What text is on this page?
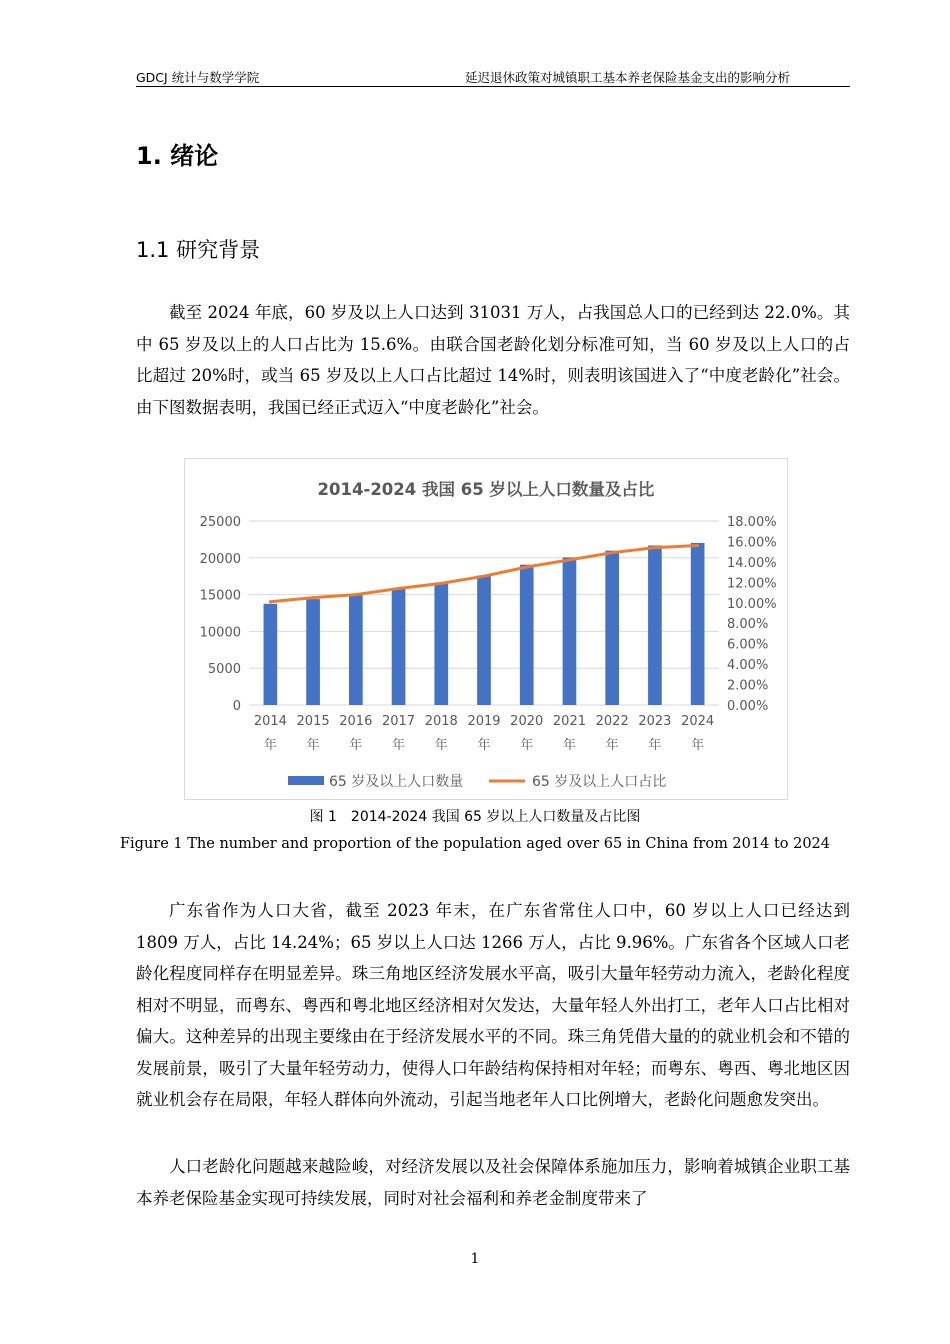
GDCJ 统计与数学学院	延迟退休政策对城镇职工基本养老保险基金支出的影响分析
1. 绪论
1.1 研究背景
截至 2024 年底，60 岁及以上人口达到 31031 万人，占我国总人口的已经到达 22.0%。其中 65 岁及以上的人口占比为 15.6%。由联合国老龄化划分标准可知，当 60 岁及以上人口的占比超过 20%时，或当 65 岁及以上人口占比超过 14%时，则表明该国进入了“中度老龄化”社会。由下图数据表明，我国已经正式迈入“中度老龄化”社会。
2014-2024 我国 65 岁以上人口数量及占比
0
5000
10000
15000
20000
25000
0.00%
2.00%
4.00%
6.00%
8.00%
10.00%
12.00%
14.00%
16.00%
18.00%
2014
年
2015
年
2016
年
2017
年
2018
年
2019
年
2020
年
2021
年
2022
年
2023
年
2024
年
65 岁及以上人口数量	65 岁及以上人口占比
图 1　2014-2024 我国 65 岁以上人口数量及占比图
Figure 1 The number and proportion of the population aged over 65 in China from 2014 to 2024
广东省作为人口大省，截至 2023 年末，在广东省常住人口中，60 岁以上人口已经达到 1809 万人，占比 14.24%；65 岁以上人口达 1266 万人，占比 9.96%。广东省各个区域人口老龄化程度同样存在明显差异。珠三角地区经济发展水平高，吸引大量年轻劳动力流入，老龄化程度相对不明显，而粤东、粤西和粤北地区经济相对欠发达，大量年轻人外出打工，老年人口占比相对偏大。这种差异的出现主要缘由在于经济发展水平的不同。珠三角凭借大量的的就业机会和不错的发展前景，吸引了大量年轻劳动力，使得人口年龄结构保持相对年轻；而粤东、粤西、粤北地区因就业机会存在局限，年轻人群体向外流动，引起当地老年人口比例增大，老龄化问题愈发突出。
人口老龄化问题越来越险峻，对经济发展以及社会保障体系施加压力，影响着城镇企业职工基本养老保险基金实现可持续发展，同时对社会福利和养老金制度带来了
1
